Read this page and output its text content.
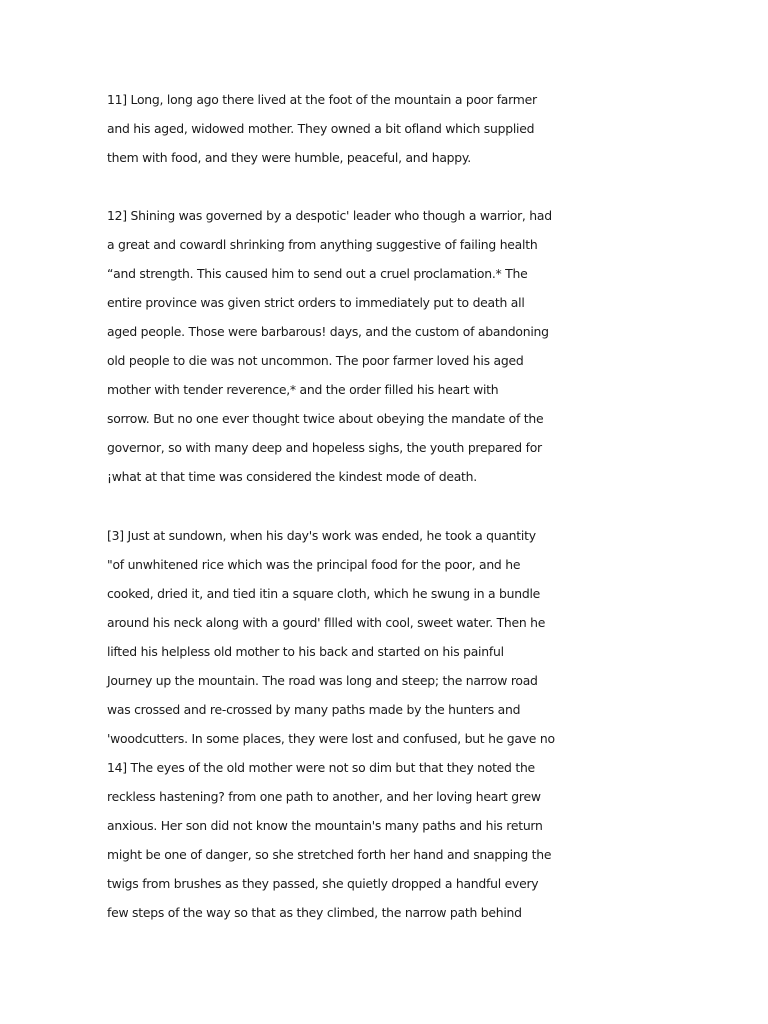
11] Long, long ago there lived at the foot of the mountain a poor farmer
and his aged, widowed mother. They owned a bit ofland which supplied
them with food, and they were humble, peaceful, and happy.
12] Shining was governed by a despotic' leader who though a warrior, had
a great and cowardl shrinking from anything suggestive of failing health
“and strength. This caused him to send out a cruel proclamation.* The
entire province was given strict orders to immediately put to death all
aged people. Those were barbarous! days, and the custom of abandoning
old people to die was not uncommon. The poor farmer loved his aged
mother with tender reverence,* and the order filled his heart with
sorrow. But no one ever thought twice about obeying the mandate of the
governor, so with many deep and hopeless sighs, the youth prepared for
¡what at that time was considered the kindest mode of death.
[3] Just at sundown, when his day's work was ended, he took a quantity
"of unwhitened rice which was the principal food for the poor, and he
cooked, dried it, and tied itin a square cloth, which he swung in a bundle
around his neck along with a gourd' fllled with cool, sweet water. Then he
lifted his helpless old mother to his back and started on his painful
Journey up the mountain. The road was long and steep; the narrow road
was crossed and re-crossed by many paths made by the hunters and
'woodcutters. In some places, they were lost and confused, but he gave no
14] The eyes of the old mother were not so dim but that they noted the
reckless hastening? from one path to another, and her loving heart grew
anxious. Her son did not know the mountain's many paths and his return
might be one of danger, so she stretched forth her hand and snapping the
twigs from brushes as they passed, she quietly dropped a handful every
few steps of the way so that as they climbed, the narrow path behind
